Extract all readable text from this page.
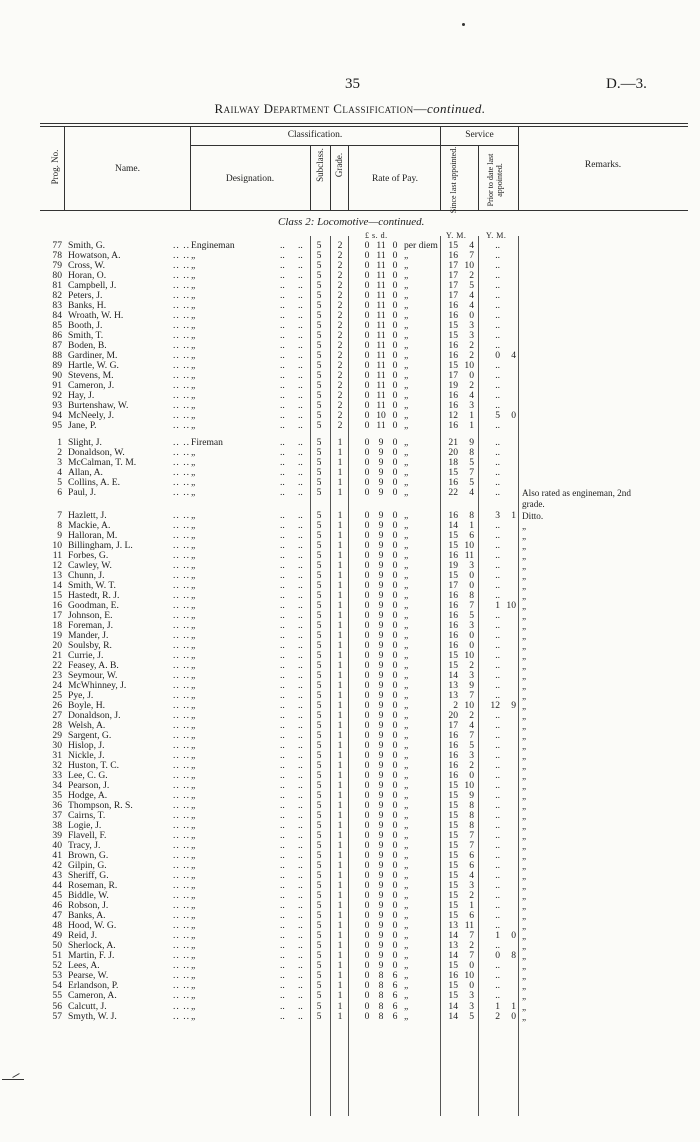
35	D.—3.
Railway Department Classification—continued.
Prog. No.	Name.
Classification.
Designation.	Subclass. Grade.
Rate of Pay.
Service
Since last appointed.	Prior to date last appointed.	Remarks.
Class 2: Locomotive—continued.
£ s. d.	Y. M. Y. M.
.. ..	.. ..
77 Smith, G.	Engineman	5	2	0 11 0 per diem	15	4	..
.. ..	.. ..
78 Howatson, A.	„	5	2	0 11 0 „	16	7	..
.. ..	.. ..
79 Cross, W.	„	5	2	0 11 0 „	17 10	..
.. ..	.. ..
80 Horan, O.	„	5	2	0 11 0 „	17	2	..
.. ..	.. ..
81 Campbell, J.	„	5	2	0 11 0 „	17	5	..
.. ..	.. ..
82 Peters, J.	„	5	2	0 11 0 „	17	4	..
.. ..	.. ..
83 Banks, H.	„	5	2	0 11 0 „	16	4	..
.. ..	.. ..
84 Wroath, W. H.	„	5	2	0 11 0 „	16	0	..
.. ..	.. ..
85 Booth, J.	„	5	2	0 11 0 „	15	3	..
.. ..	.. ..
86 Smith, T.	„	5	2	0 11 0 „	15	3	..
.. ..	.. ..
87 Boden, B.	„	5	2	0 11 0 „	16	2	..
.. ..	.. ..
88 Gardiner, M.	„	5	2	0 11 0 „	16	2	0	4
.. ..	.. ..
89 Hartle, W. G.	„	5	2	0 11 0 „	15 10	..
.. ..	.. ..
90 Stevens, M.	„	5	2	0 11 0 „	17	0	..
.. ..	.. ..
91 Cameron, J.	„	5	2	0 11 0 „	19	2	..
.. ..	.. ..
92 Hay, J.	„	5	2	0 11 0 „	16	4	..
.. ..	.. ..
93 Burtenshaw, W.	„	5	2	0 11 0 „	16	3	..
.. ..	.. ..
94 McNeely, J.	„	5	2	0 10 0 „	12	1	5	0
.. ..	.. ..
95 Jane, P.	„	5	2	0 11 0 „	16	1	..
.. ..	.. ..
1 Slight, J.	Fireman	5	1	0 9 0 „	21	9	..
.. ..	.. ..
2 Donaldson, W.	„	5	1	0 9 0 „	20	8	..
.. ..	.. ..
3 McCalman, T. M.	„	5	1	0 9 0 „	18	5	..
.. ..	.. ..
4 Allan, A.	„	5	1	0 9 0 „	15	7	..
.. ..	.. ..
5 Collins, A. E.	„	5	1	0 9 0 „	16	5	..
.. ..	.. ..
6 Paul, J.	„	5	1	0 9 0 „	22	4	.. Also rated as engineman, 2nd
grade.
.. ..	.. ..
7 Hazlett, J.	„	5	1	0 9 0 „	16	8	3	1 Ditto.
.. ..	.. ..
8 Mackie, A.	„	5	1	0 9 0 „	14	1	.. „
.. ..	.. ..
9 Halloran, M.	„	5	1	0 9 0 „	15	6	.. „
.. ..	.. ..
10 Billingham, J. L.	„	5	1	0 9 0 „	15 10	.. „
.. ..	.. ..
11 Forbes, G.	„	5	1	0 9 0 „	16 11	.. „
.. ..	.. ..
12 Cawley, W.	„	5	1	0 9 0 „	19	3	.. „
.. ..	.. ..
13 Chunn, J.	„	5	1	0 9 0 „	15	0	.. „
.. ..	.. ..
14 Smith, W. T.	„	5	1	0 9 0 „	17	0	.. „
.. ..	.. ..
15 Hastedt, R. J.	„	5	1	0 9 0 „	16	8	.. „
.. ..	.. ..
16 Goodman, E.	„	5	1	0 9 0 „	16	7	1 10 „
.. ..	.. ..
17 Johnson, E.	„	5	1	0 9 0 „	16	5	.. „
.. ..	.. ..
18 Foreman, J.	„	5	1	0 9 0 „	16	3	.. „
.. ..	.. ..
19 Mander, J.	„	5	1	0 9 0 „	16	0	.. „
.. ..	.. ..
20 Soulsby, R.	„	5	1	0 9 0 „	16	0	.. „
.. ..	.. ..
21 Currie, J.	„	5	1	0 9 0 „	15 10	.. „
.. ..	.. ..
22 Feasey, A. B.	„	5	1	0 9 0 „	15	2	.. „
.. ..	.. ..
23 Seymour, W.	„	5	1	0 9 0 „	14	3	.. „
.. ..	.. ..
24 McWhinney, J.	„	5	1	0 9 0 „	13	9	.. „
.. ..	.. ..
25 Pye, J.	„	5	1	0 9 0 „	13	7	.. „
.. ..	.. ..
26 Boyle, H.	„	5	1	0 9 0 „	2 10	12	9 „
.. ..	.. ..
27 Donaldson, J.	„	5	1	0 9 0 „	20	2	.. „
.. ..	.. ..
28 Welsh, A.	„	5	1	0 9 0 „	17	4	.. „
.. ..	.. ..
29 Sargent, G.	„	5	1	0 9 0 „	16	7	.. „
.. ..	.. ..
30 Hislop, J.	„	5	1	0 9 0 „	16	5	.. „
.. ..	.. ..
31 Nickle, J.	„	5	1	0 9 0 „	16	3	.. „
.. ..	.. ..
32 Huston, T. C.	„	5	1	0 9 0 „	16	2	.. „
.. ..	.. ..
33 Lee, C. G.	„	5	1	0 9 0 „	16	0	.. „
.. ..	.. ..
34 Pearson, J.	„	5	1	0 9 0 „	15 10	.. „
.. ..	.. ..
35 Hodge, A.	„	5	1	0 9 0 „	15	9	.. „
.. ..	.. ..
36 Thompson, R. S.	„	5	1	0 9 0 „	15	8	.. „
.. ..	.. ..
37 Cairns, T.	„	5	1	0 9 0 „	15	8	.. „
.. ..	.. ..
38 Logie, J.	„	5	1	0 9 0 „	15	8	.. „
.. ..	.. ..
39 Flavell, F.	„	5	1	0 9 0 „	15	7	.. „
.. ..	.. ..
40 Tracy, J.	„	5	1	0 9 0 „	15	7	.. „
.. ..	.. ..
41 Brown, G.	„	5	1	0 9 0 „	15	6	.. „
.. ..	.. ..
42 Gilpin, G.	„	5	1	0 9 0 „	15	6	.. „
.. ..	.. ..
43 Sheriff, G.	„	5	1	0 9 0 „	15	4	.. „
.. ..	.. ..
44 Roseman, R.	„	5	1	0 9 0 „	15	3	.. „
.. ..	.. ..
45 Biddle, W.	„	5	1	0 9 0 „	15	2	.. „
.. ..	.. ..
46 Robson, J.	„	5	1	0 9 0 „	15	1	.. „
.. ..	.. ..
47 Banks, A.	„	5	1	0 9 0 „	15	6	.. „
.. ..	.. ..
48 Hood, W. G.	„	5	1	0 9 0 „	13 11	.. „
.. ..	.. ..
49 Reid, J.	„	5	1	0 9 0 „	14	7	1	0 „
.. ..	.. ..
50 Sherlock, A.	„	5	1	0 9 0 „	13	2	.. „
.. ..	.. ..
51 Martin, F. J.	„	5	1	0 9 0 „	14	7	0	8 „
.. ..	.. ..
52 Lees, A.	„	5	1	0 9 0 „	15	0	.. „
.. ..	.. ..
53 Pearse, W.	„	5	1	0 8 6 „	16 10	.. „
.. ..	.. ..
54 Erlandson, P.	„	5	1	0 8 6 „	15	0	.. „
.. ..	.. ..
55 Cameron, A.	„	5	1	0 8 6 „	15	3	.. „
.. ..	.. ..
56 Calcutt, J.	„	5	1	0 8 6 „	14	3	1	1 „
.. ..	.. ..
57 Smyth, W. J.	„	5	1	0 8 6 „	14	5	2	0 „
